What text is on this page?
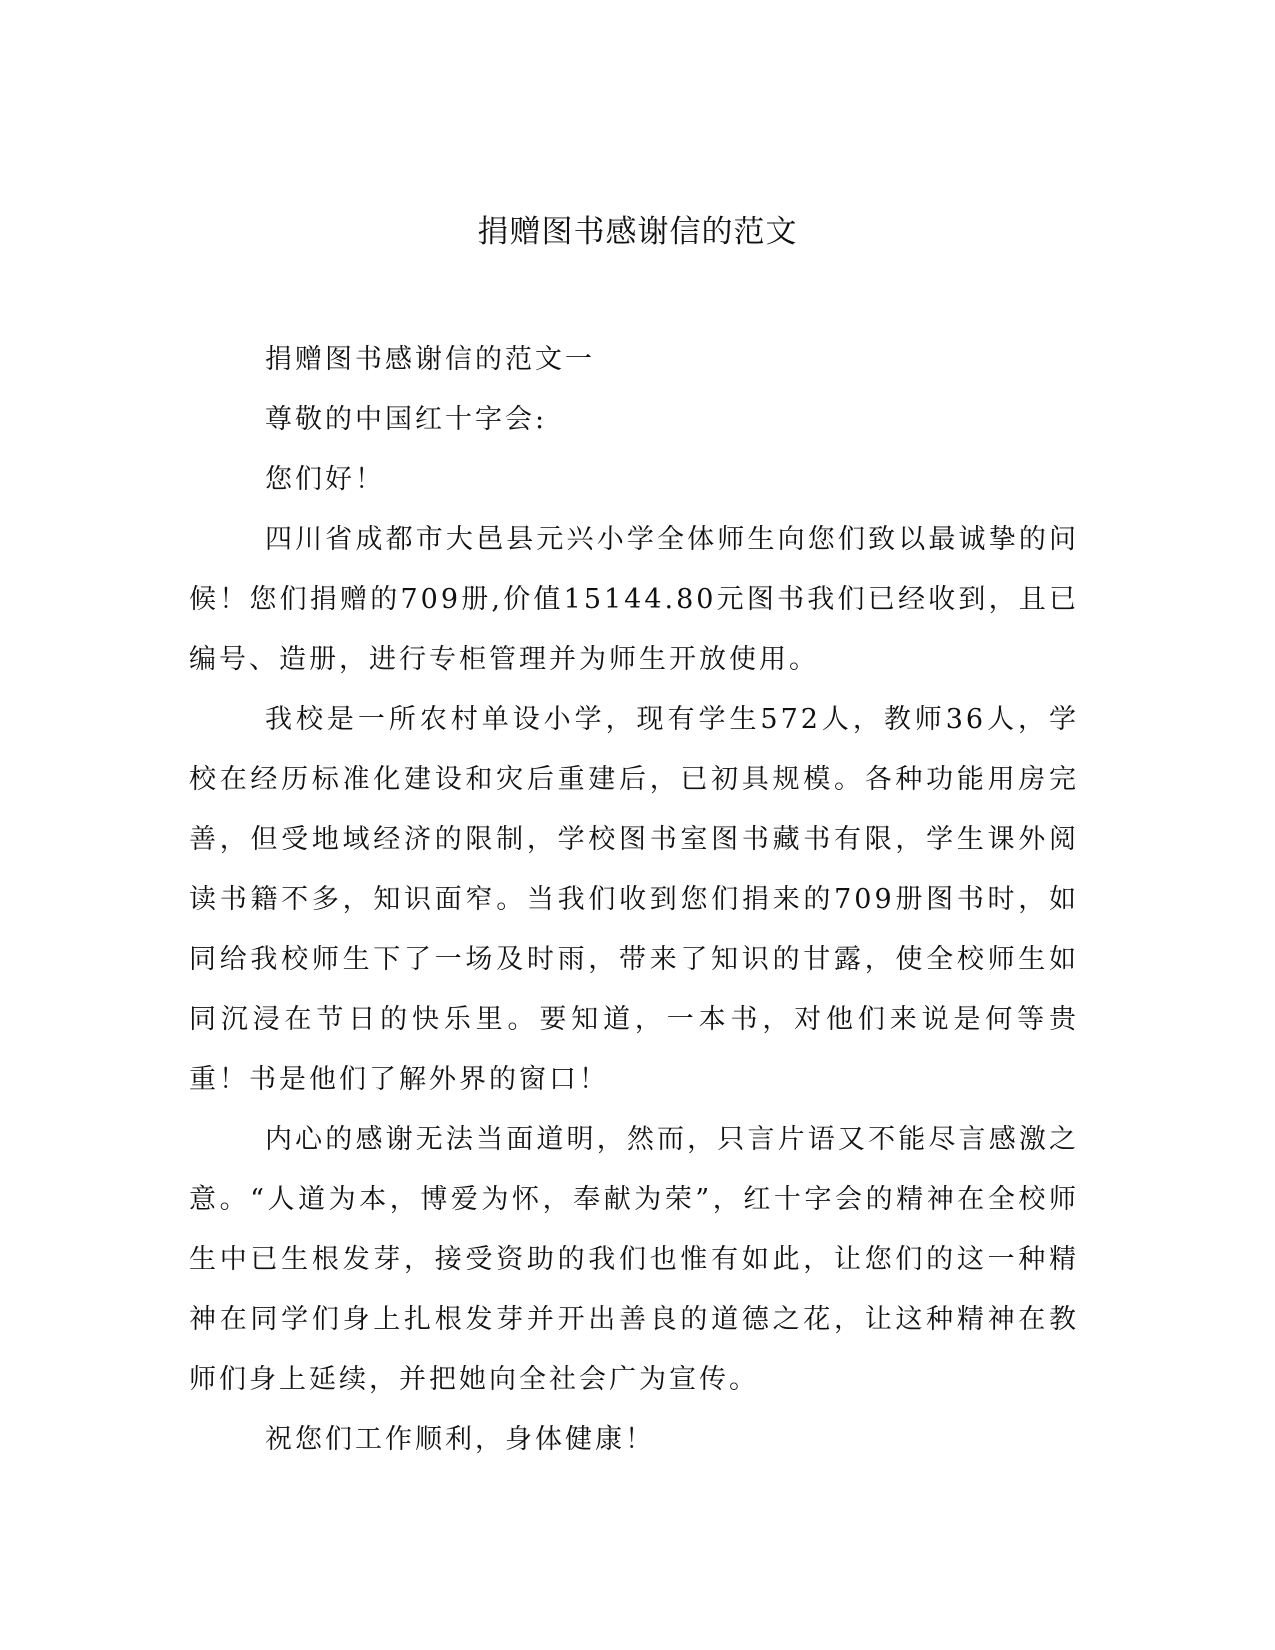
捐赠图书感谢信的范文

捐赠图书感谢信的范文一

尊敬的中国红十字会:

您们好！

四川省成都市大邑县元兴小学全体师生向您们致以最诚挚的问候！您们捐赠的709册,价值15144.80元图书我们已经收到，且已编号、造册，进行专柜管理并为师生开放使用。

我校是一所农村单设小学，现有学生572人，教师36人，学校在经历标准化建设和灾后重建后，已初具规模。各种功能用房完善，但受地域经济的限制，学校图书室图书藏书有限，学生课外阅读书籍不多，知识面窄。当我们收到您们捐来的709册图书时，如同给我校师生下了一场及时雨，带来了知识的甘露，使全校师生如同沉浸在节日的快乐里。要知道，一本书，对他们来说是何等贵重！书是他们了解外界的窗口！

内心的感谢无法当面道明，然而，只言片语又不能尽言感激之意。“人道为本，博爱为怀，奉献为荣”，红十字会的精神在全校师生中已生根发芽，接受资助的我们也惟有如此，让您们的这一种精神在同学们身上扎根发芽并开出善良的道德之花，让这种精神在教师们身上延续，并把她向全社会广为宣传。

祝您们工作顺利，身体健康！
